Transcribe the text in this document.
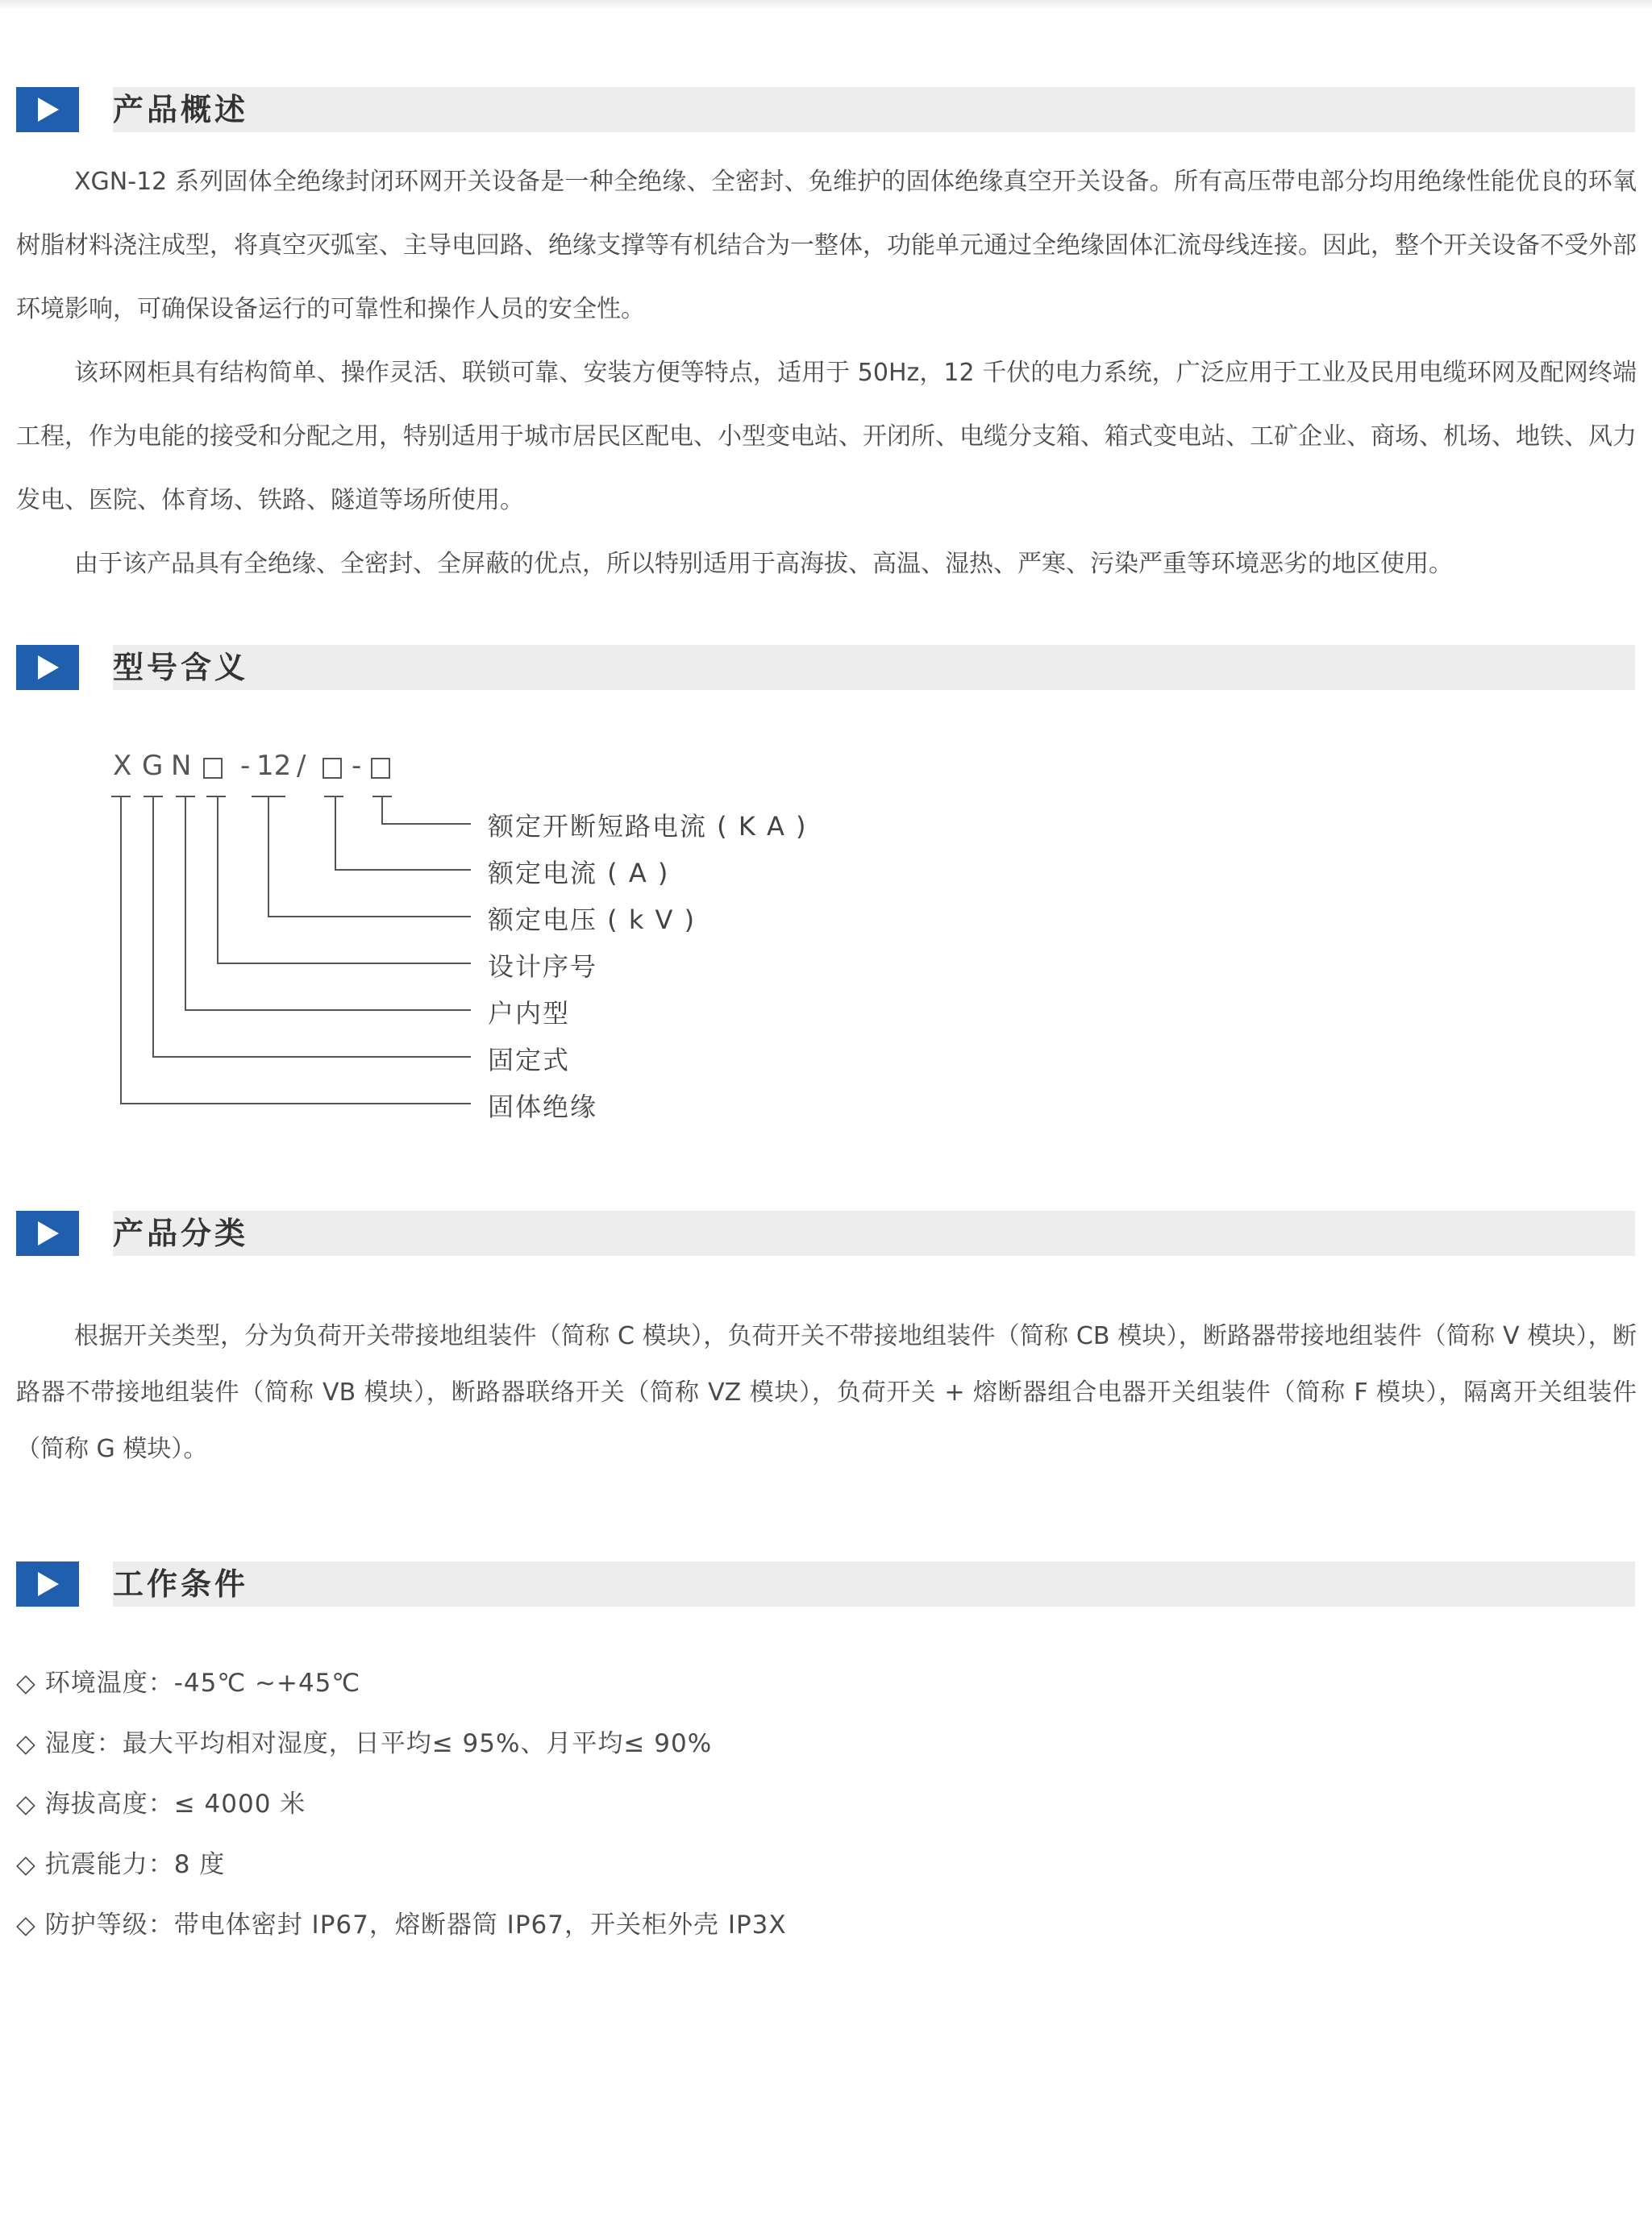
产品概述

XGN-12 系列固体全绝缘封闭环网开关设备是一种全绝缘、全密封、免维护的固体绝缘真空开关设备。所有高压带电部分均用绝缘性能优良的环氧树脂材料浇注成型，将真空灭弧室、主导电回路、绝缘支撑等有机结合为一整体，功能单元通过全绝缘固体汇流母线连接。因此，整个开关设备不受外部环境影响，可确保设备运行的可靠性和操作人员的安全性。

该环网柜具有结构简单、操作灵活、联锁可靠、安装方便等特点，适用于 50Hz，12 千伏的电力系统，广泛应用于工业及民用电缆环网及配网终端工程，作为电能的接受和分配之用，特别适用于城市居民区配电、小型变电站、开闭所、电缆分支箱、箱式变电站、工矿企业、商场、机场、地铁、风力发电、医院、体育场、铁路、隧道等场所使用。

由于该产品具有全绝缘、全密封、全屏蔽的优点，所以特别适用于高海拔、高温、湿热、严寒、污染严重等环境恶劣的地区使用。

型号含义
X G N - 12 / -
额定开断短路电流 ( K A )
额定电流 ( A )
额定电压 ( k V )
设计序号
户内型
固定式
固体绝缘
产品分类

根据开关类型，分为负荷开关带接地组装件（简称 C 模块），负荷开关不带接地组装件（简称 CB 模块），断路器带接地组装件（简称 V 模块），断路器不带接地组装件（简称 VB 模块），断路器联络开关（简称 VZ 模块），负荷开关 + 熔断器组合电器开关组装件（简称 F 模块），隔离开关组装件（简称 G 模块）。

工作条件
◇ 环境温度：-45℃ ~+45℃
◇ 湿度：最大平均相对湿度，日平均≤ 95%、月平均≤ 90%
◇ 海拔高度：≤ 4000 米
◇ 抗震能力：8 度
◇ 防护等级：带电体密封 IP67，熔断器筒 IP67，开关柜外壳 IP3X
